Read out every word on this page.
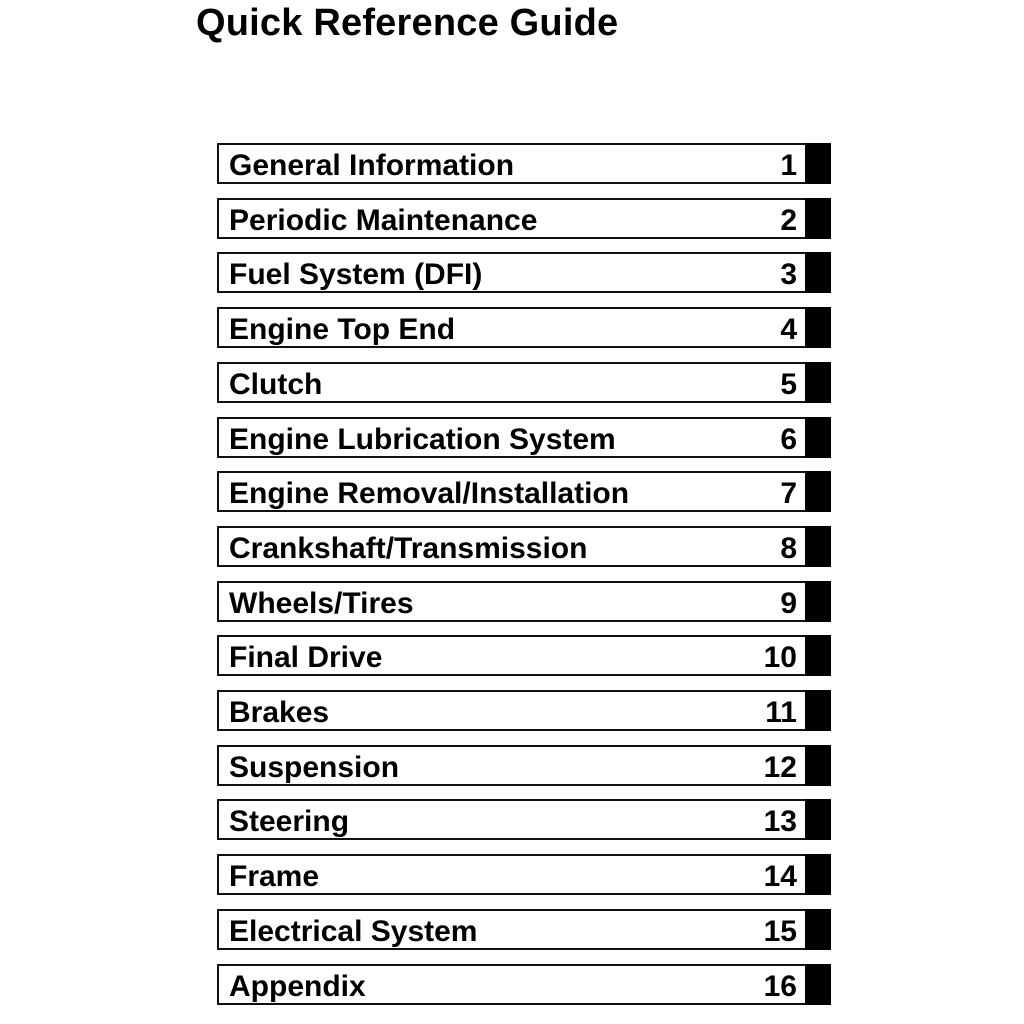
Quick Reference Guide
General Information	1
Periodic Maintenance	2
Fuel System (DFI)	3
Engine Top End	4
Clutch	5
Engine Lubrication System	6
Engine Removal/Installation	7
Crankshaft/Transmission	8
Wheels/Tires	9
Final Drive	10
Brakes	11
Suspension	12
Steering	13
Frame	14
Electrical System	15
Appendix	16
